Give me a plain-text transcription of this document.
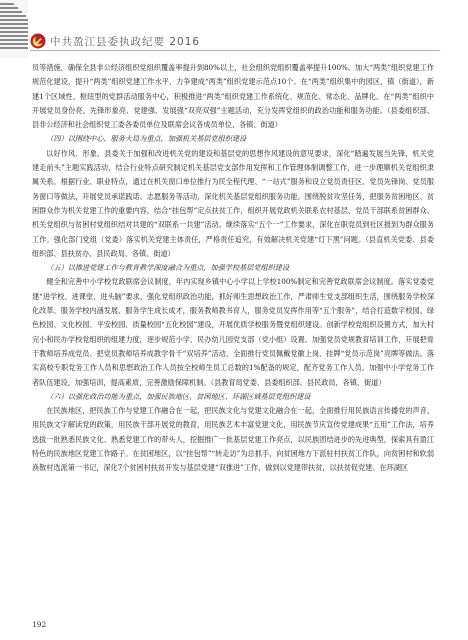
中共盈江县委执政纪要 2016

员等措施，确保全县非公经济组织党组织覆盖率提升到80%以上，社会组织党组织覆盖率提升100%。加大“两类”组织党建工作规范化建设，提升“两类”组织党建工作水平，力争建成“两类”组织党建示范点10个。在“两类”组织集中的园区、镇（街道），新建1个区域性、枢纽型的党群活动服务中心，积极推进“两类”组织党建工作系统化、规范化、常态化、品牌化。在“两类”组织中开展党员身份亮、先锋形象亮、党建强、发展强“双亮双强”主题活动，充分发挥党组织的政治功能和服务功能。（县委组织部、县非公经济和社会组织党工委各委员单位及联席会议各成员单位、各镇、街道）

（四）以围绕中心、服务大局为重点，加强机关基层党组织建设

以好作风、形象、县委关于加强和改进机关党的建设和基层党的思想作风建设的意见要求，深化“踏遍发展当先锋，机关党建走前头”主题实践活动，结合行业特点研究制定机关基层党支部作用发挥和工作管理体制调整工作，进一步理顺机关党组织隶属关系。根据行业、职业特点，通过在机关窗口单位推行为民全程代理、“一站式”服务和设立党员责任区、党员先锋岗、党员服务窗口等做法，开展党员承诺践诺、志愿服务等活动，深化机关基层党组织服务功能。围绕脱贫攻坚任务，把服务贫困地区、贫困群众作为机关党建工作的重要内容，结合“挂包帮”定点扶贫工作，组织开展党政机关联系农村基层、党员干部联系贫困群众、机关党组织与贫困村党组织结对共建的“双联系一共建”活动。继续落实“五个一”工作要求，深化在职党员到社区报到为群众服务工作。强化部门党组（党委）落实机关党建主体责任，严格责任追究，有效解决机关党建“灯下黑”问题。（县直机关党委、县委组织部、县扶贫办、县民政局、各镇、街道）

（五）以推进党建工作与教育教学深度融合为重点，加强学校基层党组织建设

健全和完善中小学校党政联席会议制度，年内实现乡镇中心小学以上学校100%制定和完善党政联席会议制度。落实党委党建“进学校、进课堂、进头脑”要求，强化党组织政治功能，抓好师生思想政治工作，严肃师生党支部组织生活，围绕服务学校深化改革、服务学校内涵发展、服务学生成长成才，服务教师教书育人，服务党员发挥作用等“五个服务”，结合打造数字校园、绿色校园、文化校园、平安校园、质量校园“五化校园”建设，开展优质学校服务暨党组织建设。创新学校党组织设置方式，加大村完小和民办学校党组织的组建力度，逐步规范小学、民办幼儿园党支部（党小组）设置。加强党员党规教育培训工作，开展把骨干教师培养成党员、把党员教师培养成教学骨干“双培养”活动，全面推行党员佩戴党徽上岗、挂牌“党员示范岗”亮牌等做法。落实高校专职党务工作人员和思想政治工作人员按全校师生员工总数的1%配备的规定，配齐党务工作人员。加强中小学党务工作者队伍建设，加强培训，提高素质，完善激励保障机制。（县教育局党委、县委组织部、县民政局，各镇、街道）

（六）以强化政治功能为重点，加强民族地区、贫困地区、环湖区域基层党组织建设

在民族地区，把民族工作与党建工作融合在一起，把民族文化与党建文化融合在一起，全面推行用民族语言传播党的声音，用民族文字解读党的政策，用民族干部开展党的教育，用民族艺术丰富党建文化，用民族节庆宣传党建成果“五用”工作法，培养选拔一批熟悉民族文化、熟悉党建工作的带头人，挖掘推广一批基层党建工作亮点，以民族团结进步的先进典型，探索具有盈江特色的民族地区党建工作路子。在贫困地区，以“挂包帮”“转走访”为总抓手，向贫困地方下派驻村扶贫工作队，向贫困村和软弱涣散村选派第一书记，深化7个贫困村扶贫开发与基层党建“双推进”工作，做到以党建带扶贫，以扶贫促党建。在环湖区

192
